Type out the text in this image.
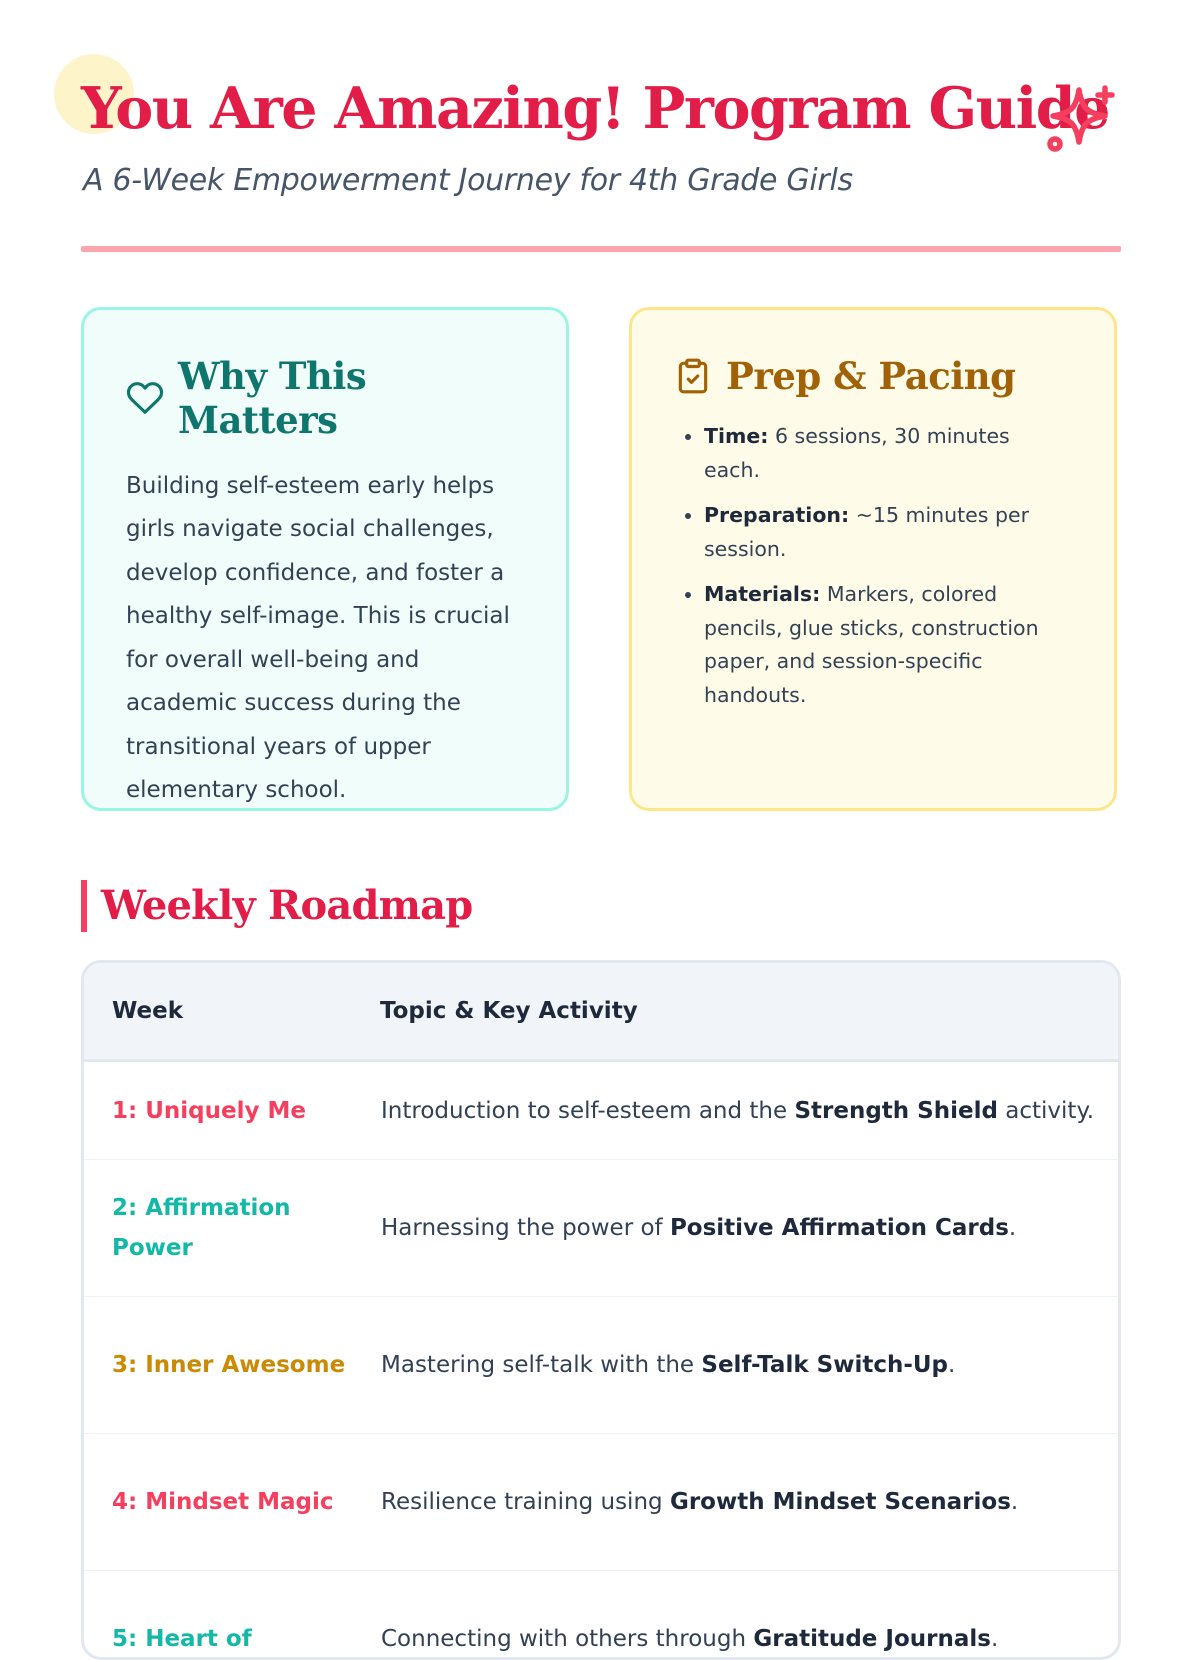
You Are Amazing! Program Guide
A 6-Week Empowerment Journey for 4th Grade Girls
Why This Matters

Building self-esteem early helps girls navigate social challenges, develop confidence, and foster a healthy self-image. This is crucial for overall well-being and academic success during the transitional years of upper elementary school.

Prep & Pacing
• Time: 6 sessions, 30 minutes each.
• Preparation: ~15 minutes per session.
• Materials: Markers, colored pencils, glue sticks, construction paper, and session-specific handouts.
Weekly Roadmap
Week	Topic & Key Activity
1: Uniquely Me	Introduction to self-esteem and the Strength Shield activity.
2: Affirmation Power	Harnessing the power of Positive Affirmation Cards.
3: Inner Awesome	Mastering self-talk with the Self-Talk Switch-Up.
4: Mindset Magic	Resilience training using Growth Mindset Scenarios.
5: Heart of	Connecting with others through Gratitude Journals.
